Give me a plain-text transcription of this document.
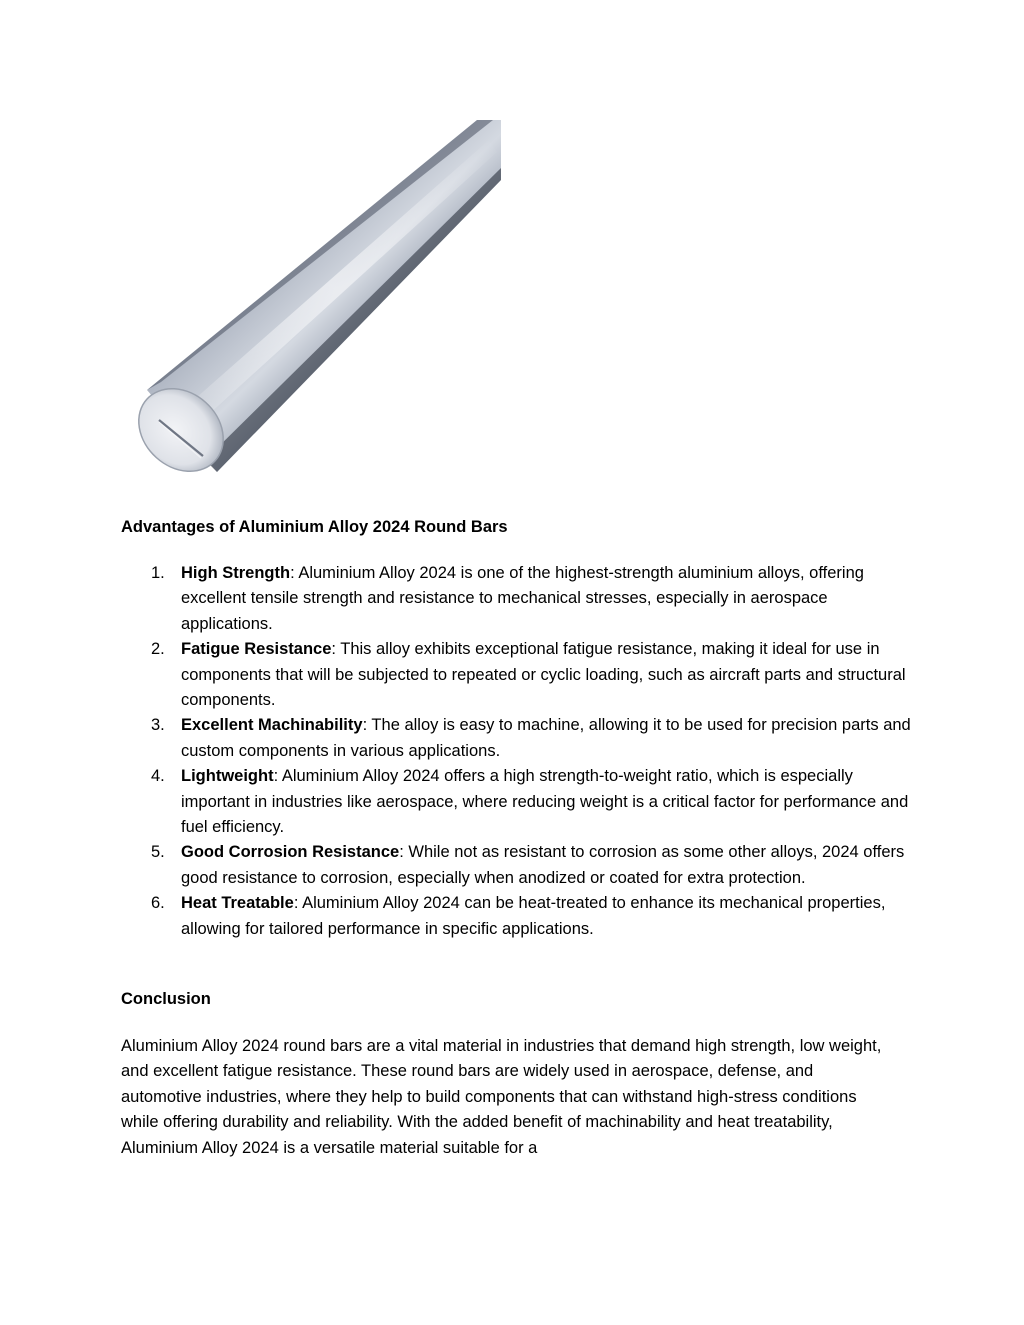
Advantages of Aluminium Alloy 2024 Round Bars
1. High Strength: Aluminium Alloy 2024 is one of the highest-strength aluminium alloys, offering excellent tensile strength and resistance to mechanical stresses, especially in aerospace applications.
2. Fatigue Resistance: This alloy exhibits exceptional fatigue resistance, making it ideal for use in components that will be subjected to repeated or cyclic loading, such as aircraft parts and structural components.
3. Excellent Machinability: The alloy is easy to machine, allowing it to be used for precision parts and custom components in various applications.
4. Lightweight: Aluminium Alloy 2024 offers a high strength-to-weight ratio, which is especially important in industries like aerospace, where reducing weight is a critical factor for performance and fuel efficiency.
5. Good Corrosion Resistance: While not as resistant to corrosion as some other alloys, 2024 offers good resistance to corrosion, especially when anodized or coated for extra protection.
6. Heat Treatable: Aluminium Alloy 2024 can be heat-treated to enhance its mechanical properties, allowing for tailored performance in specific applications.
Conclusion

Aluminium Alloy 2024 round bars are a vital material in industries that demand high strength, low weight, and excellent fatigue resistance. These round bars are widely used in aerospace, defense, and automotive industries, where they help to build components that can withstand high-stress conditions while offering durability and reliability. With the added benefit of machinability and heat treatability, Aluminium Alloy 2024 is a versatile material suitable for a
